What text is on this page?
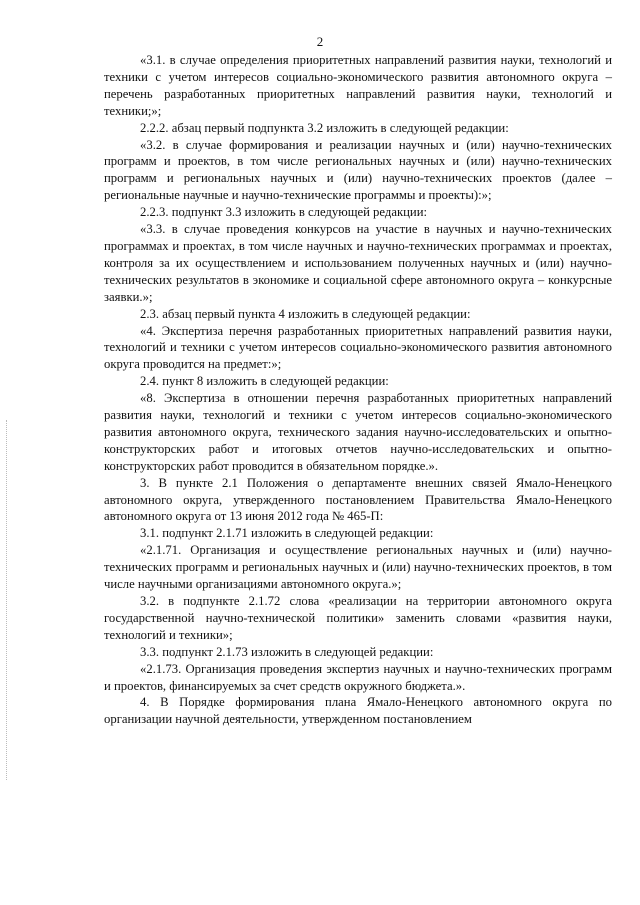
2

«3.1. в случае определения приоритетных направлений развития науки, технологий и техники с учетом интересов социально-экономического развития автономного округа – перечень разработанных приоритетных направлений развития науки, технологий и техники;»;

2.2.2. абзац первый подпункта 3.2 изложить в следующей редакции:

«3.2. в случае формирования и реализации научных и (или) научно-технических программ и проектов, в том числе региональных научных и (или) научно-технических программ и региональных научных и (или) научно-технических проектов (далее – региональные научные и научно-технические программы и проекты):»;

2.2.3. подпункт 3.3 изложить в следующей редакции:

«3.3. в случае проведения конкурсов на участие в научных и научно-технических программах и проектах, в том числе научных и научно-технических программах и проектах, контроля за их осуществлением и использованием полученных научных и (или) научно-технических результатов в экономике и социальной сфере автономного округа – конкурсные заявки.»;

2.3. абзац первый пункта 4 изложить в следующей редакции:

«4. Экспертиза перечня разработанных приоритетных направлений развития науки, технологий и техники с учетом интересов социально-экономического развития автономного округа проводится на предмет:»;

2.4. пункт 8 изложить в следующей редакции:

«8. Экспертиза в отношении перечня разработанных приоритетных направлений развития науки, технологий и техники с учетом интересов социально-экономического развития автономного округа, технического задания научно-исследовательских и опытно-конструкторских работ и итоговых отчетов научно-исследовательских и опытно-конструкторских работ проводится в обязательном порядке.».

3. В пункте 2.1 Положения о департаменте внешних связей Ямало-Ненецкого автономного округа, утвержденного постановлением Правительства Ямало-Ненецкого автономного округа от 13 июня 2012 года № 465-П:

3.1. подпункт 2.1.71 изложить в следующей редакции:

«2.1.71. Организация и осуществление региональных научных и (или) научно-технических программ и региональных научных и (или) научно-технических проектов, в том числе научными организациями автономного округа.»;

3.2. в подпункте 2.1.72 слова «реализации на территории автономного округа государственной научно-технической политики» заменить словами «развития науки, технологий и техники»;

3.3. подпункт 2.1.73 изложить в следующей редакции:

«2.1.73. Организация проведения экспертиз научных и научно-технических программ и проектов, финансируемых за счет средств окружного бюджета.».

4. В Порядке формирования плана Ямало-Ненецкого автономного округа по организации научной деятельности, утвержденном постановлением
